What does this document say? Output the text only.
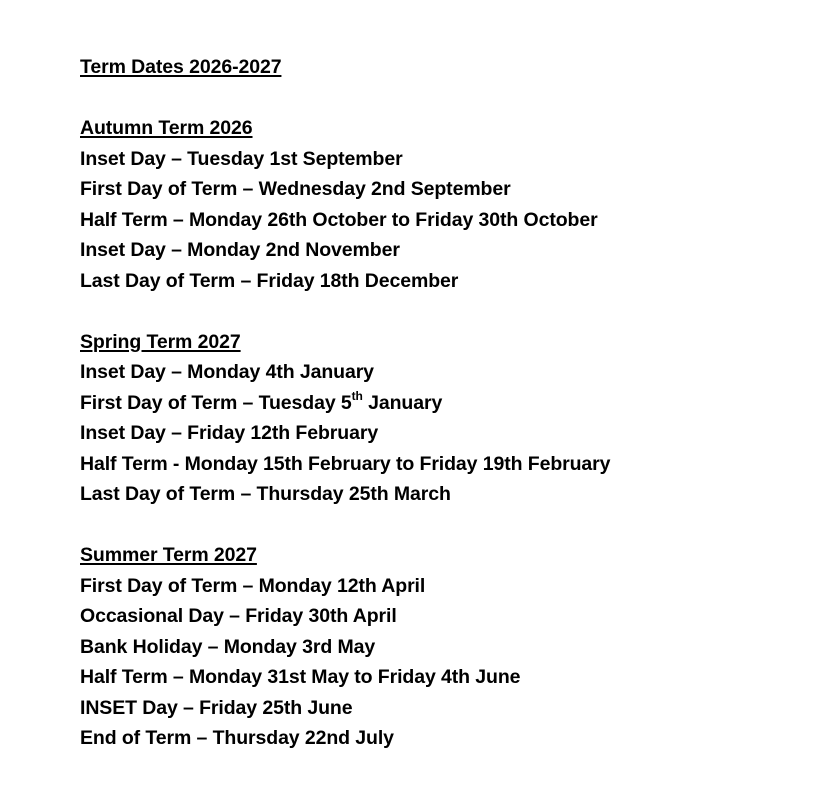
Term Dates 2026-2027
Autumn Term 2026
Inset Day – Tuesday 1st September
First Day of Term – Wednesday 2nd September
Half Term – Monday 26th October to Friday 30th October
Inset Day – Monday 2nd November
Last Day of Term – Friday 18th December
Spring Term 2027
Inset Day – Monday 4th January
First Day of Term – Tuesday 5th January
Inset Day – Friday 12th February
Half Term - Monday 15th February to Friday 19th February
Last Day of Term – Thursday 25th March
Summer Term 2027
First Day of Term – Monday 12th April
Occasional Day – Friday 30th April
Bank Holiday – Monday 3rd May
Half Term – Monday 31st May to Friday 4th June
INSET Day – Friday 25th June
End of Term – Thursday 22nd July
